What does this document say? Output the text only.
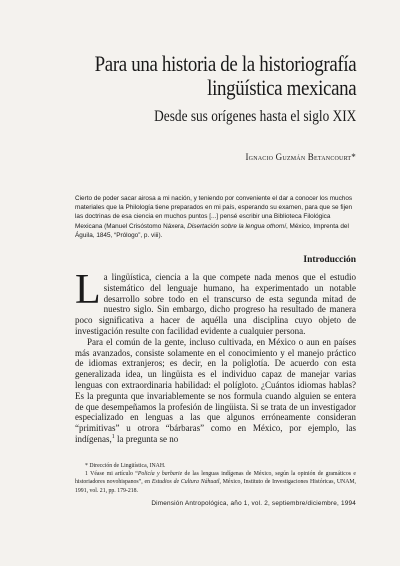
Para una historia de la historiografía
lingüística mexicana
Desde sus orígenes hasta el siglo XIX
Ignacio Guzmán Betancourt*

Cierto de poder sacar airosa a mi nación, y teniendo por conveniente el dar a conocer los muchos materiales que la Philología tiene preparados en mi país, esperando su examen, para que se fijen las doctrinas de esa ciencia en muchos puntos [...] pensé escribir una Biblioteca Filológica Mexicana (Manuel Crisóstomo Náxera, Disertación sobre la lengua othomí, México, Imprenta del Águila, 1845, “Prólogo”, p. viii).

Introducción

La lingüística, ciencia a la que compete nada menos que el estudio sistemático del lenguaje humano, ha experimentado un notable desarrollo sobre todo en el transcurso de esta segunda mitad de nuestro siglo. Sin embargo, dicho progreso ha resultado de manera poco significativa a hacer de aquélla una disciplina cuyo objeto de investigación resulte con facilidad evidente a cualquier persona.

Para el común de la gente, incluso cultivada, en México o aun en países más avanzados, consiste solamente en el conocimiento y el manejo práctico de idiomas extranjeros; es decir, en la poliglotía. De acuerdo con esta generalizada idea, un lingüista es el individuo capaz de manejar varias lenguas con extraordinaria habilidad: el polígloto. ¿Cuántos idiomas hablas? Es la pregunta que invariablemente se nos formula cuando alguien se entera de que desempeñamos la profesión de lingüista. Si se trata de un investigador especializado en lenguas a las que algunos erróneamente consideran “primitivas” u otrora “bárbaras” como en México, por ejemplo, las indígenas,$^1$ la pregunta se no

* Dirección de Lingüística, INAH.

1 Véase mi artículo “Policía y barbarie de las lenguas indígenas de México, según la opinión de gramáticos e historiadores novohispanos”, en Estudios de Cultura Náhuatl, México, Instituto de Investigaciones Históricas, UNAM, 1991, vol. 21, pp. 179-218.

Dimensión Antropológica, año 1, vol. 2, septiembre/diciembre, 1994
